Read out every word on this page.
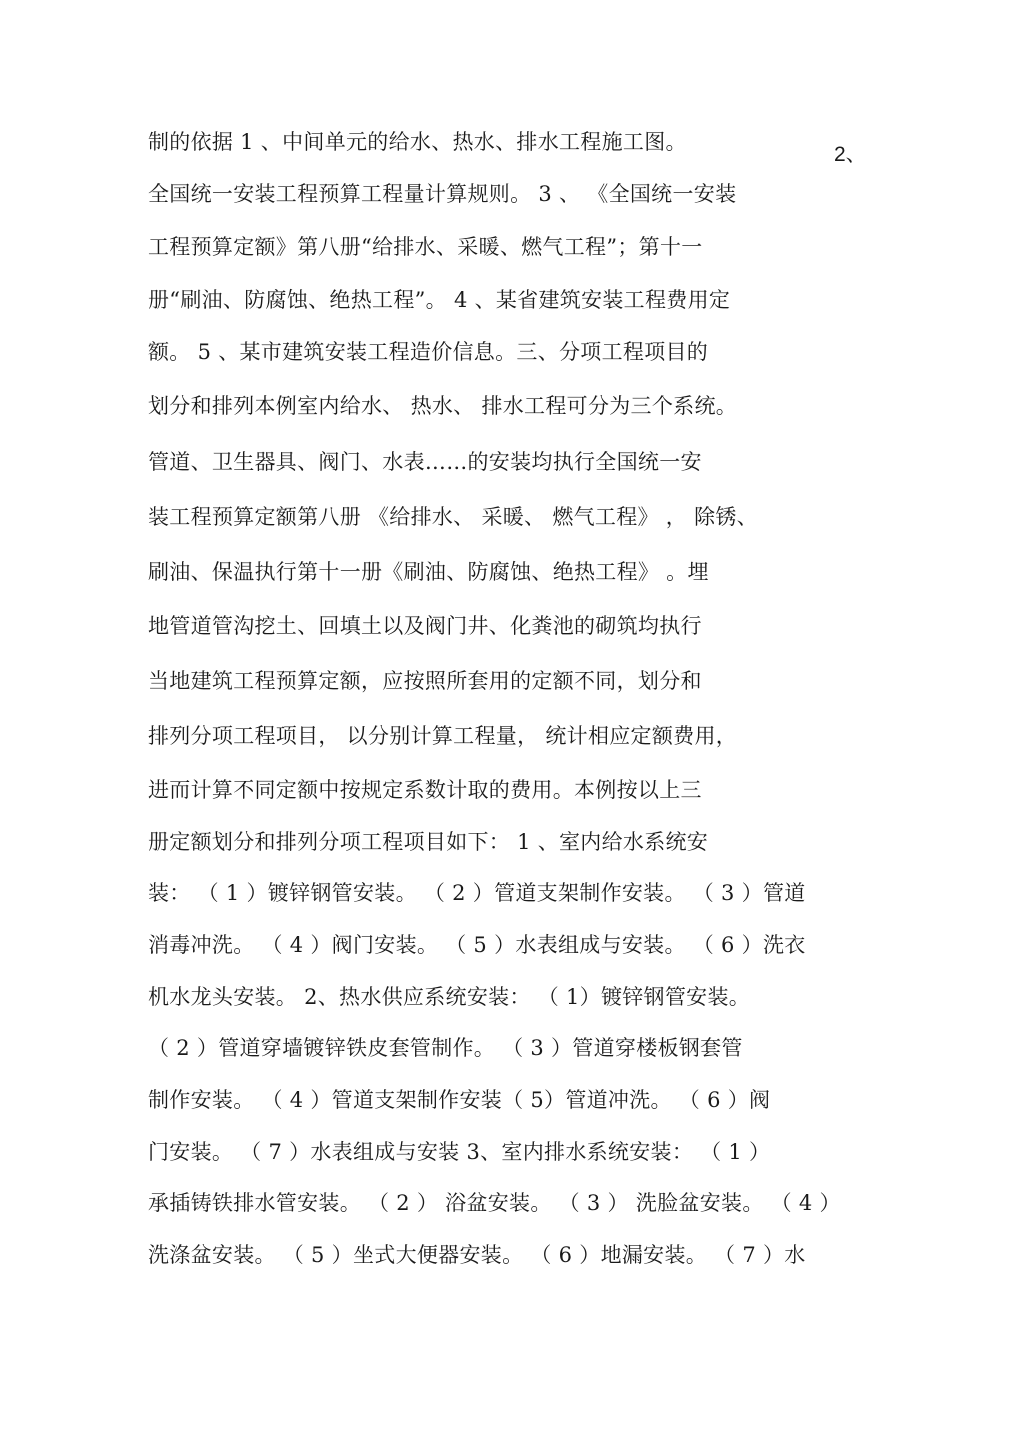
2、
制的依据 1 、中间单元的给水、热水、排水工程施工图。
全国统一安装工程预算工程量计算规则。 3 、 《全国统一安装
工程预算定额》第八册“给排水、采暖、燃气工程”；第十一
册“刷油、防腐蚀、绝热工程”。 4 、某省建筑安装工程费用定
额。 5 、某市建筑安装工程造价信息。三、分项工程项目的
划分和排列本例室内给水、 热水、 排水工程可分为三个系统。
管道、卫生器具、阀门、水表……的安装均执行全国统一安
装工程预算定额第八册 《给排水、 采暖、 燃气工程》 ， 除锈、
刷油、保温执行第十一册《刷油、防腐蚀、绝热工程》 。埋
地管道管沟挖土、回填土以及阀门井、化粪池的砌筑均执行
当地建筑工程预算定额，应按照所套用的定额不同，划分和
排列分项工程项目， 以分别计算工程量， 统计相应定额费用，
进而计算不同定额中按规定系数计取的费用。本例按以上三
册定额划分和排列分项工程项目如下： 1 、室内给水系统安
装： （ 1 ）镀锌钢管安装。 （ 2 ）管道支架制作安装。 （ 3 ）管道
消毒冲洗。 （ 4 ）阀门安装。 （ 5 ）水表组成与安装。 （ 6 ）洗衣
机水龙头安装。 2、热水供应系统安装： （ 1）镀锌钢管安装。
（ 2 ）管道穿墙镀锌铁皮套管制作。 （ 3 ）管道穿楼板钢套管
制作安装。 （ 4 ）管道支架制作安装（ 5）管道冲洗。 （ 6 ）阀
门安装。 （ 7 ）水表组成与安装 3、室内排水系统安装： （ 1 ）
承插铸铁排水管安装。 （ 2 ） 浴盆安装。 （ 3 ） 洗脸盆安装。 （ 4 ）
洗涤盆安装。 （ 5 ）坐式大便器安装。 （ 6 ）地漏安装。 （ 7 ）水
